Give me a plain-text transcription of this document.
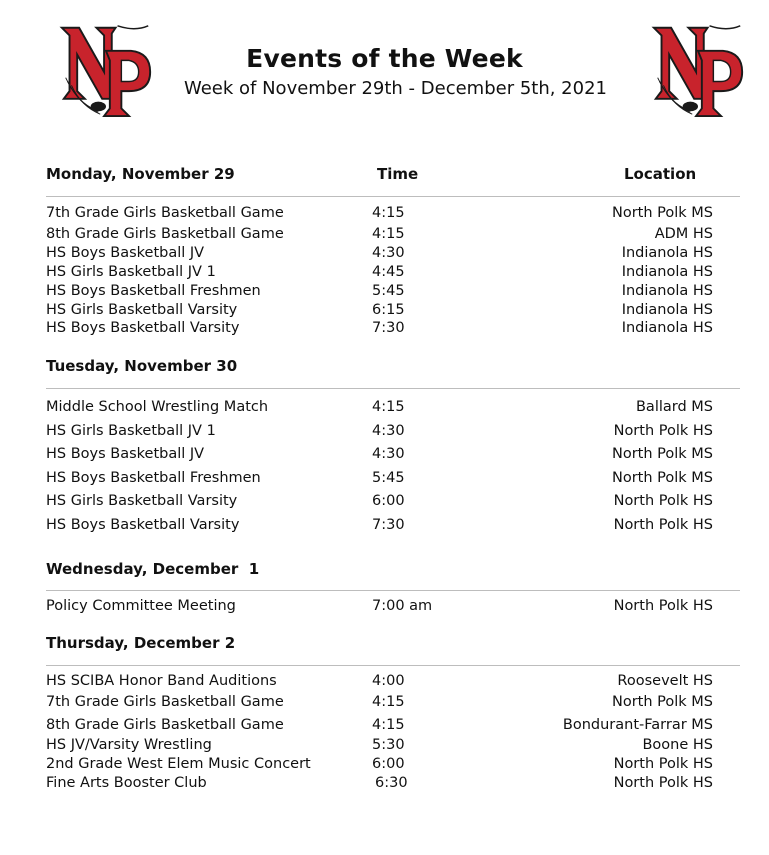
Events of the Week
Week of November 29th - December 5th, 2021
Time	Location
Monday, November 29
7th Grade Girls Basketball Game	4:15	North Polk MS
8th Grade Girls Basketball Game	4:15	ADM HS
HS Boys Basketball JV	4:30	Indianola HS
HS Girls Basketball JV 1	4:45	Indianola HS
HS Boys Basketball Freshmen	5:45	Indianola HS
HS Girls Basketball Varsity	6:15	Indianola HS
HS Boys Basketball Varsity	7:30	Indianola HS
Tuesday, November 30
Middle School Wrestling Match	4:15	Ballard MS
HS Girls Basketball JV 1	4:30	North Polk HS
HS Boys Basketball JV	4:30	North Polk MS
HS Boys Basketball Freshmen	5:45	North Polk MS
HS Girls Basketball Varsity	6:00	North Polk HS
HS Boys Basketball Varsity	7:30	North Polk HS
Wednesday, December  1
Policy Committee Meeting	7:00 am	North Polk HS
Thursday, December 2
HS SCIBA Honor Band Auditions	4:00	Roosevelt HS
7th Grade Girls Basketball Game	4:15	North Polk MS
8th Grade Girls Basketball Game	4:15	Bondurant-Farrar MS
HS JV/Varsity Wrestling	5:30	Boone HS
2nd Grade West Elem Music Concert	6:00	North Polk HS
Fine Arts Booster Club	6:30	North Polk HS
